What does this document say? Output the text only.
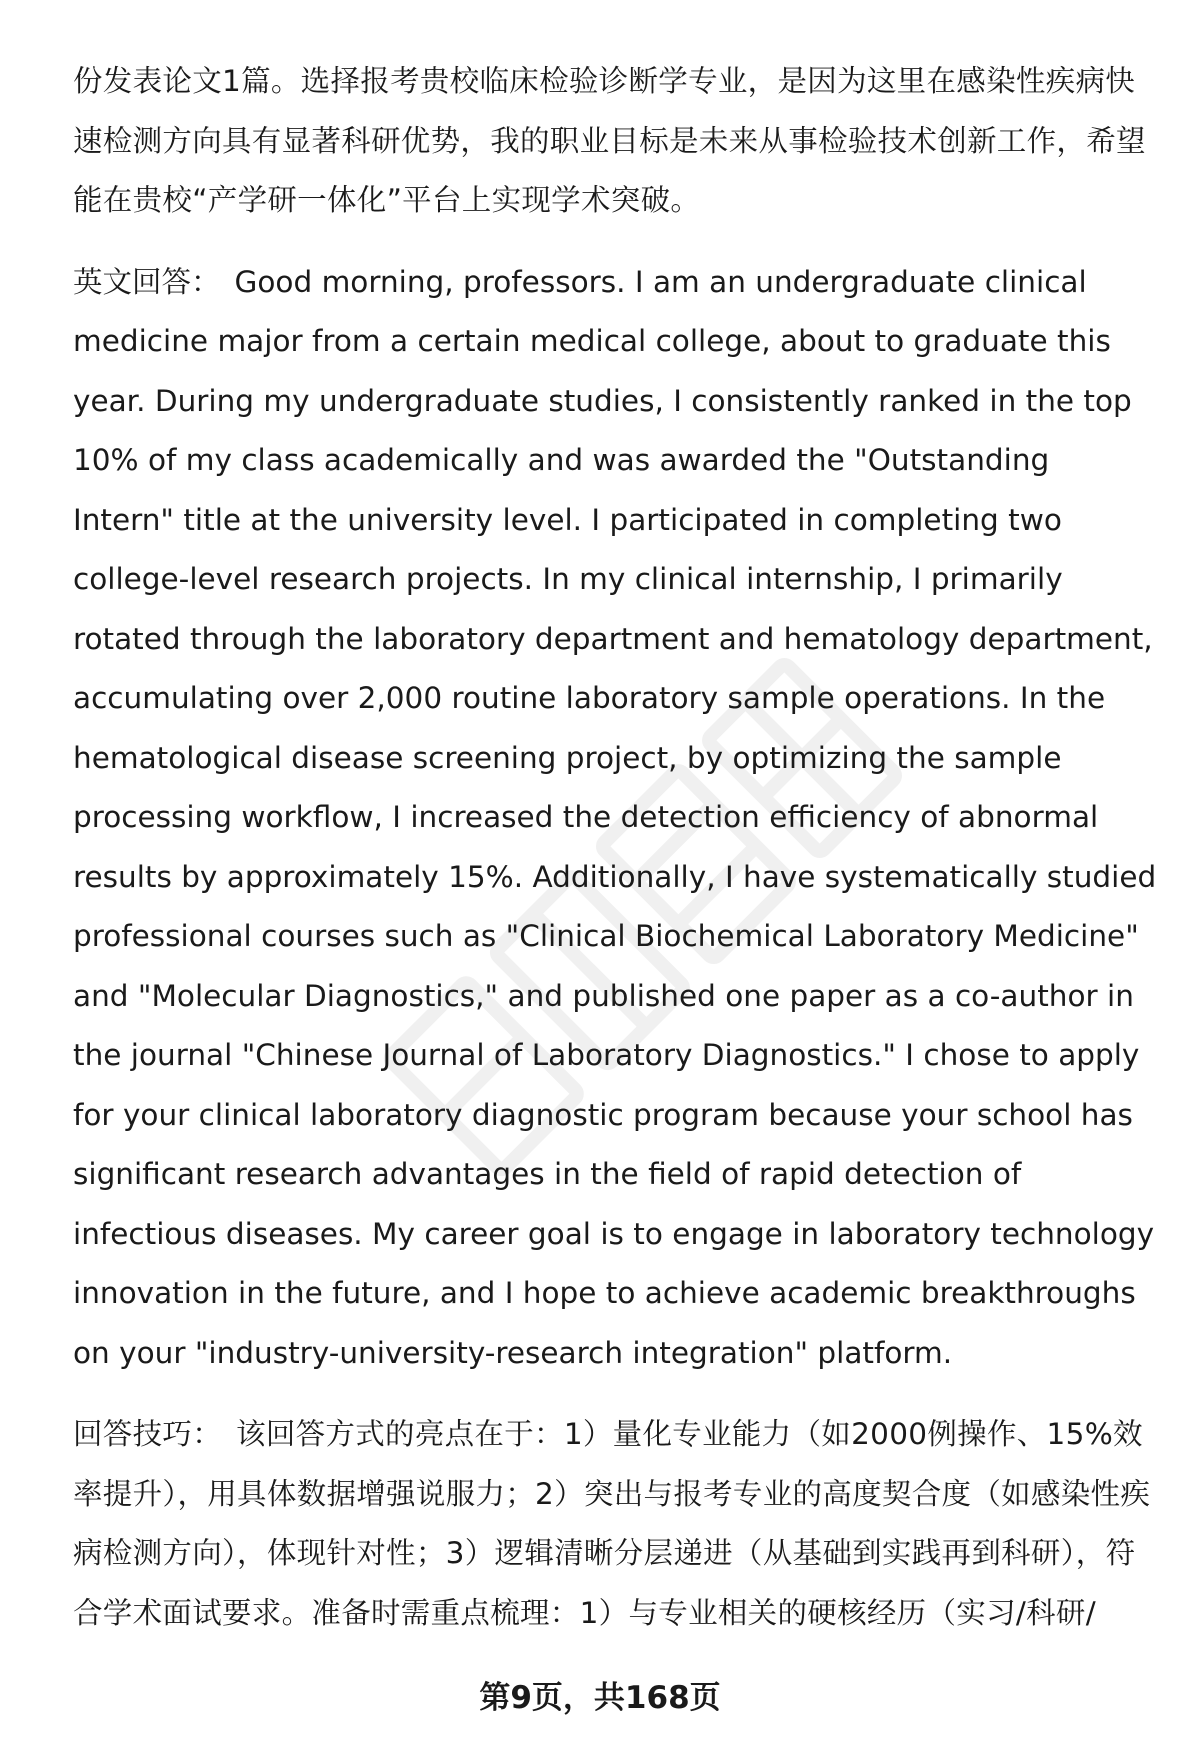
份发表论文1篇。选择报考贵校临床检验诊断学专业，是因为这里在感染性疾病快速检测方向具有显著科研优势，我的职业目标是未来从事检验技术创新工作，希望能在贵校“产学研一体化”平台上实现学术突破。

英文回答： Good morning, professors. I am an undergraduate clinical medicine major from a certain medical college, about to graduate this year. During my undergraduate studies, I consistently ranked in the top 10% of my class academically and was awarded the "Outstanding Intern" title at the university level. I participated in completing two college-level research projects. In my clinical internship, I primarily rotated through the laboratory department and hematology department, accumulating over 2,000 routine laboratory sample operations. In the hematological disease screening project, by optimizing the sample processing workflow, I increased the detection efficiency of abnormal results by approximately 15%. Additionally, I have systematically studied professional courses such as "Clinical Biochemical Laboratory Medicine" and "Molecular Diagnostics," and published one paper as a co-author in the journal "Chinese Journal of Laboratory Diagnostics." I chose to apply for your clinical laboratory diagnostic program because your school has significant research advantages in the field of rapid detection of infectious diseases. My career goal is to engage in laboratory technology innovation in the future, and I hope to achieve academic breakthroughs on your "industry-university-research integration" platform.

回答技巧： 该回答方式的亮点在于：1）量化专业能力（如2000例操作、15%效率提升），用具体数据增强说服力；2）突出与报考专业的高度契合度（如感染性疾病检测方向），体现针对性；3）逻辑清晰分层递进（从基础到实践再到科研），符合学术面试要求。准备时需重点梳理：1）与专业相关的硬核经历（实习/科研/

第9页，共168页
